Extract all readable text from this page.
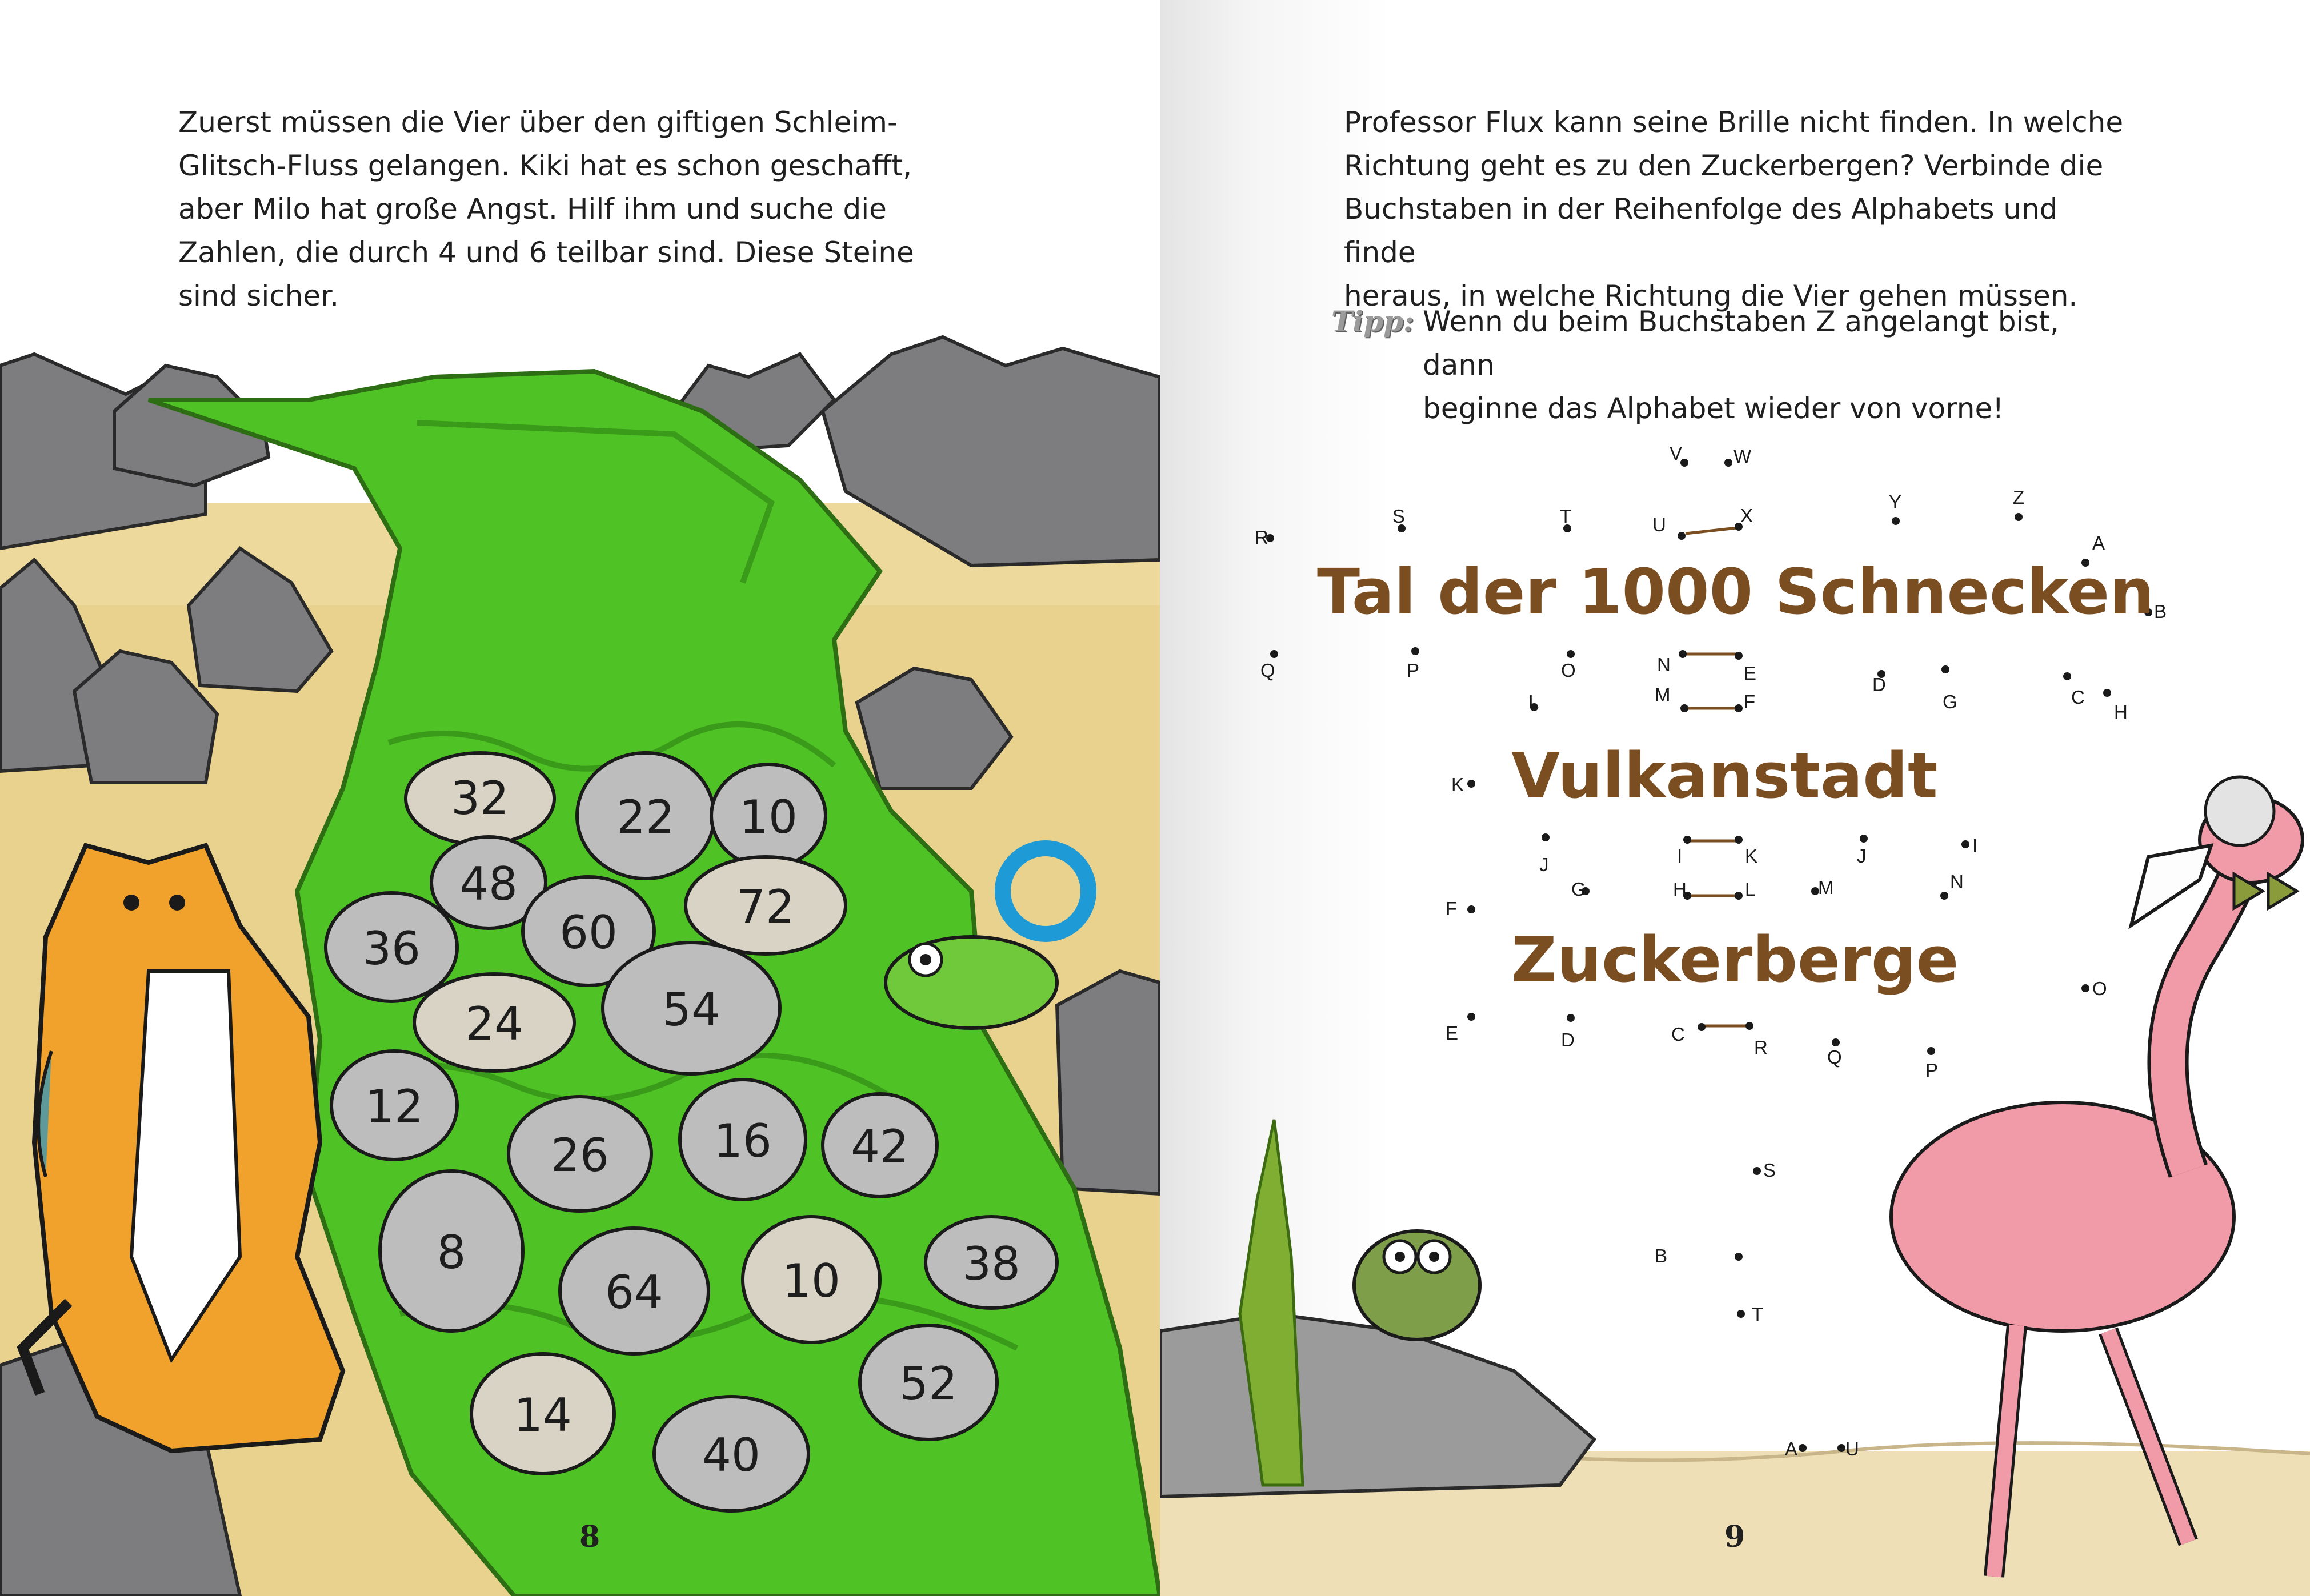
32 22 10
48	72
36	60
24	54
12
26 16 42
8
64	10	38
14
52
40

Zuerst müssen die Vier über den giftigen Schleim-

Glitsch-Fluss gelangen. Kiki hat es schon geschafft,

aber Milo hat große Angst. Hilf ihm und suche die

Zahlen, die durch 4 und 6 teilbar sind. Diese Steine

sind sicher.

8

Professor Flux kann seine Brille nicht finden. In welche

Richtung geht es zu den Zuckerbergen? Verbinde die

Buchstaben in der Reihenfolge des Alphabets und finde

heraus, in welche Richtung die Vier gehen müssen.

Tipp: Wenn du beim Buchstaben Z angelangt bist, dann
beginne das Alphabet wieder von vorne!
V	W
S	T	U	X
Y	Z
R	A
B
Q	P	O	N	E
M	F
D
L	G	C
H
K
I
J	K	J	I
G	H	L	M	N
F
O
E	D	C
R	Q
P
S
B
T
A	U

Tal der 1000 Schnecken

Vulkanstadt

Zuckerberge

9
